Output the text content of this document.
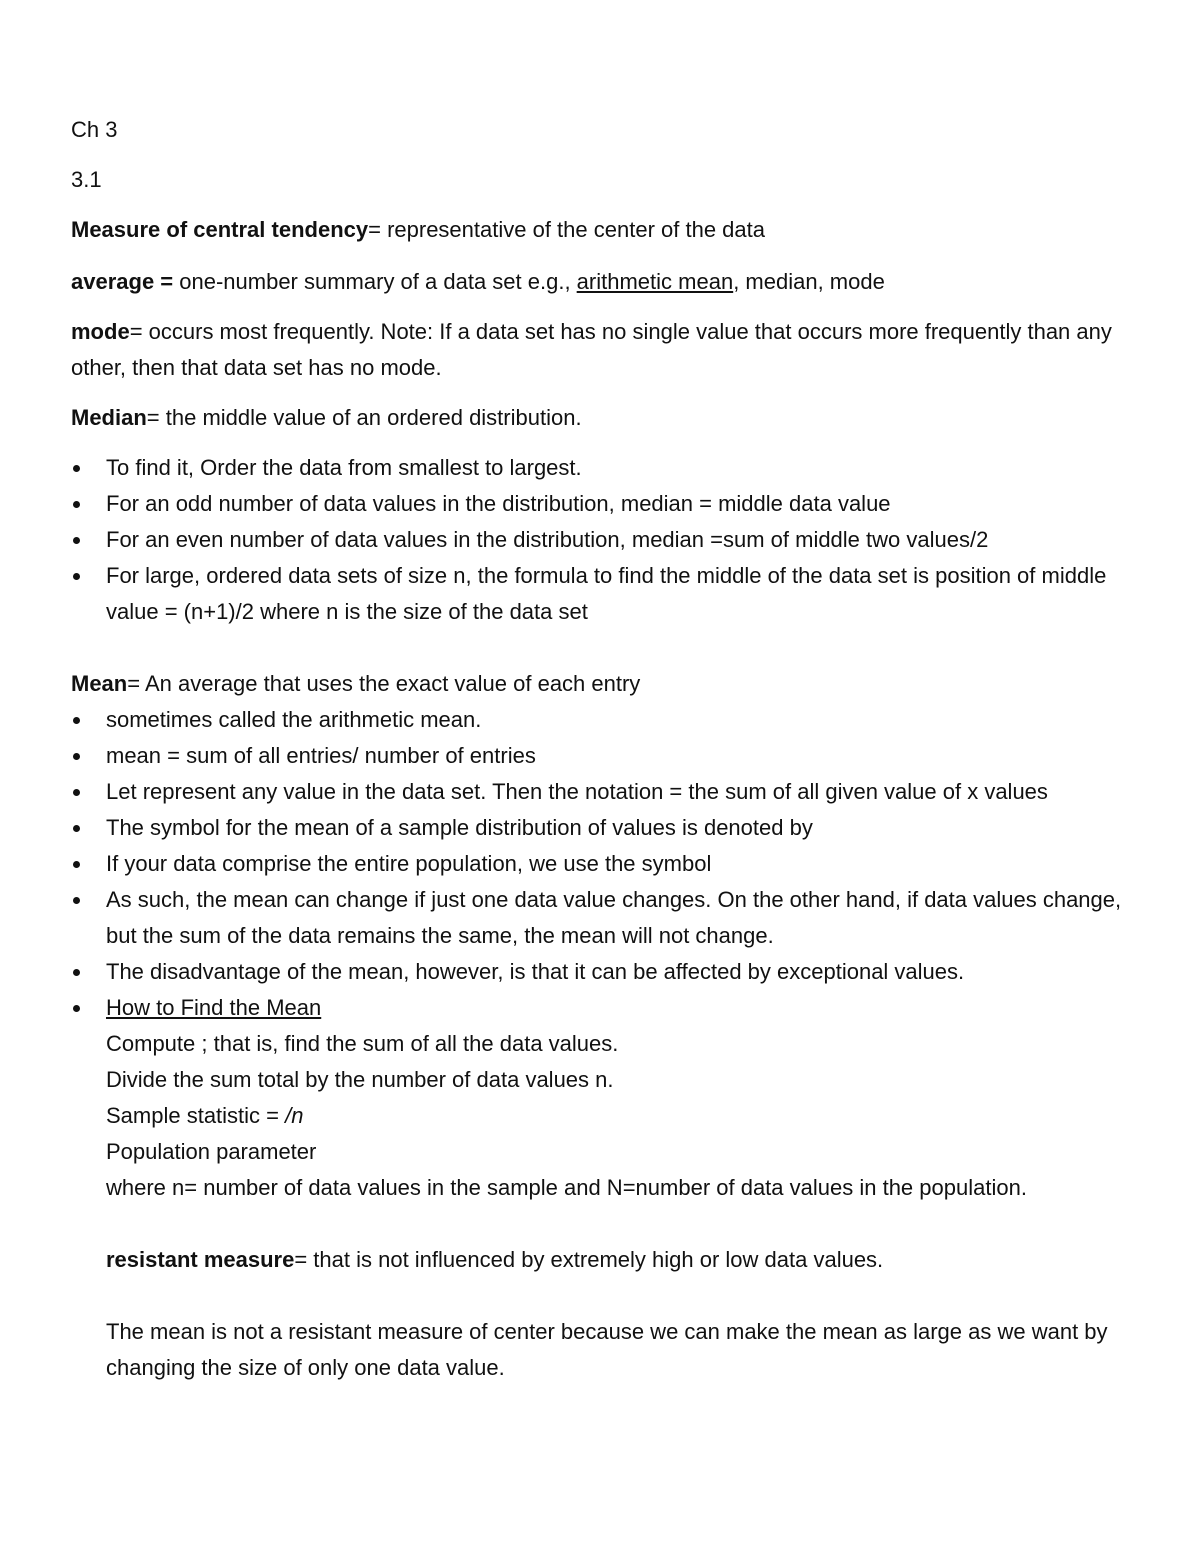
Ch 3

3.1

Measure of central tendency= representative of the center of the data

average = one-number summary of a data set e.g., arithmetic mean, median, mode

mode= occurs most frequently. Note: If a data set has no single value that occurs more frequently than any other, then that data set has no mode.

Median= the middle value of an ordered distribution.

To find it, Order the data from smallest to largest.
For an odd number of data values in the distribution, median = middle data value
For an even number of data values in the distribution, median =sum of middle two values/2
For large, ordered data sets of size n, the formula to find the middle of the data set is position of middle value = (n+1)/2 where n is the size of the data set

Mean= An average that uses the exact value of each entry

sometimes called the arithmetic mean.
mean = sum of all entries/ number of entries
Let represent any value in the data set. Then the notation = the sum of all given value of x values
The symbol for the mean of a sample distribution of values is denoted by
If your data comprise the entire population, we use the symbol
As such, the mean can change if just one data value changes. On the other hand, if data values change, but the sum of the data remains the same, the mean will not change.
The disadvantage of the mean, however, is that it can be affected by exceptional values.
How to Find the Mean

Compute ; that is, find the sum of all the data values.

Divide the sum total by the number of data values n.

Sample statistic = /n

Population parameter

where n= number of data values in the sample and N=number of data values in the population.

resistant measure= that is not influenced by extremely high or low data values.

The mean is not a resistant measure of center because we can make the mean as large as we want by changing the size of only one data value.
